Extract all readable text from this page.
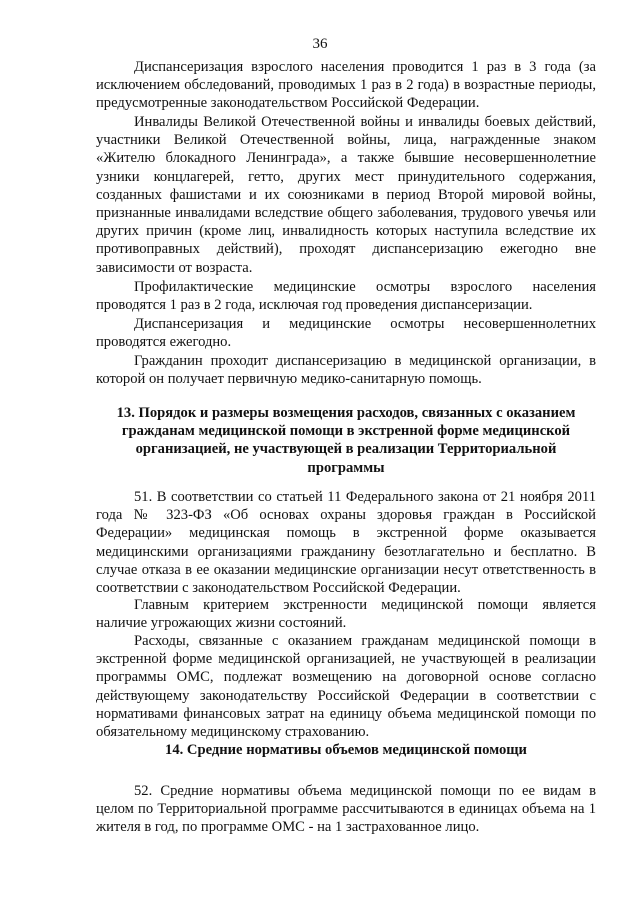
36

Диспансеризация взрослого населения проводится 1 раз в 3 года (за исключением обследований, проводимых 1 раз в 2 года) в возрастные периоды, предусмотренные законодательством Российской Федерации.

Инвалиды Великой Отечественной войны и инвалиды боевых действий, участники Великой Отечественной войны, лица, награжденные знаком «Жителю блокадного Ленинграда», а также бывшие несовершеннолетние узники концлагерей, гетто, других мест принудительного содержания, созданных фашистами и их союзниками в период Второй мировой войны, признанные инвалидами вследствие общего заболевания, трудового увечья или других причин (кроме лиц, инвалидность которых наступила вследствие их противоправных действий), проходят диспансеризацию ежегодно вне зависимости от возраста.

Профилактические медицинские осмотры взрослого населения проводятся 1 раз в 2 года, исключая год проведения диспансеризации.

Диспансеризация и медицинские осмотры несовершеннолетних проводятся ежегодно.

Гражданин проходит диспансеризацию в медицинской организации, в которой он получает первичную медико-санитарную помощь.

13. Порядок и размеры возмещения расходов, связанных с оказанием гражданам медицинской помощи в экстренной форме медицинской организацией, не участвующей в реализации Территориальной программы

51. В соответствии со статьей 11 Федерального закона от 21 ноября 2011 года № 323-ФЗ «Об основах охраны здоровья граждан в Российской Федерации» медицинская помощь в экстренной форме оказывается медицинскими организациями гражданину безотлагательно и бесплатно. В случае отказа в ее оказании медицинские организации несут ответственность в соответствии с законодательством Российской Федерации.

Главным критерием экстренности медицинской помощи является наличие угрожающих жизни состояний.

Расходы, связанные с оказанием гражданам медицинской помощи в экстренной форме медицинской организацией, не участвующей в реализации программы ОМС, подлежат возмещению на договорной основе согласно действующему законодательству Российской Федерации в соответствии с нормативами финансовых затрат на единицу объема медицинской помощи по обязательному медицинскому страхованию.

14. Средние нормативы объемов медицинской помощи

52. Средние нормативы объема медицинской помощи по ее видам в целом по Территориальной программе рассчитываются в единицах объема на 1 жителя в год, по программе ОМС - на 1 застрахованное лицо.
